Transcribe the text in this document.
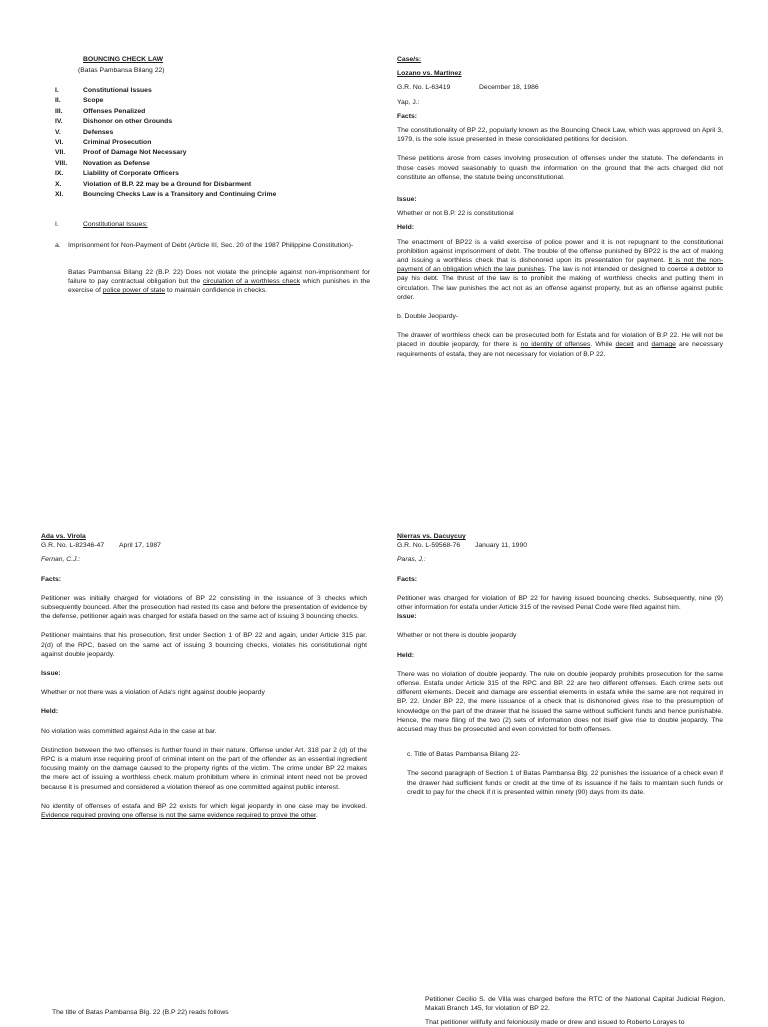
BOUNCING CHECK LAW
(Batas Pambansa Bilang 22)
I.	Constitutional Issues
II.	Scope
III.	Offenses Penalized
IV.	Dishonor on other Grounds
V.	Defenses
VI.	Criminal Prosecution
VII.	Proof of Damage Not Necessary
VIII.	Novation as Defense
IX.	Liability of Corporate Officers
X.	Violation of B.P. 22 may be a Ground for Disbarment
XI.	Bouncing Checks Law is a Transitory and Continuing Crime
I.	Constitutional Issues:
a.	Imprisonment for Non-Payment of Debt (Article III, Sec. 20 of the 1987 Philippine Constitution)-

Batas Pambansa Bilang 22 (B.P. 22) Does not violate the principle against non-imprisonment for failure to pay contractual obligation but the circulation of a worthless check which punishes in the exercise of police power of state to maintain confidence in checks.

Case/s:

Lozano vs. Martinez

G.R. No. L-63419	December 18, 1986

Yap, J.:

Facts:

The constitutionality of BP 22, popularly known as the Bouncing Check Law, which was approved on April 3, 1979, is the sole issue presented in these consolidated petitions for decision.

These petitions arose from cases involving prosecution of offenses under the statute. The defendants in those cases moved seasonably to quash the information on the ground that the acts charged did not constitute an offense, the statute being unconstitutional.

Issue:

Whether or not B.P. 22 is constitutional

Held:

The enactment of BP22 is a valid exercise of police power and it is not repugnant to the constitutional prohibition against imprisonment of debt. The trouble of the offense punished by BP22 is the act of making and issuing a worthless check that is dishonored upon its presentation for payment. It is not the non-payment of an obligation which the law punishes. The law is not intended or designed to coerce a debtor to pay his debt. The thrust of the law is to prohibit the making of worthless checks and putting them in circulation. The law punishes the act not as an offense against property, but as an offense against public order.

b. Double Jeopardy-

The drawer of worthless check can be prosecuted both for Estafa and for violation of B.P 22. He will not be placed in double jeopardy, for there is no identity of offenses. While deceit and damage are necessary requirements of estafa, they are not necessary for violation of B.P 22.

Ada vs. Virola

G.R. No. L-82346-47	April 17, 1987

Fernan, C.J.:

Facts:

Petitioner was initially charged for violations of BP 22 consisting in the issuance of 3 checks which subsequently bounced. After the prosecution had rested its case and before the presentation of evidence by the defense, petitioner again was charged for estafa based on the same act of issuing 3 bouncing checks.

Petitioner maintains that his prosecution, first under Section 1 of BP 22 and again, under Article 315 par. 2(d) of the RPC, based on the same act of issuing 3 bouncing checks, violates his constitutional right against double jeopardy.

Issue:

Whether or not there was a violation of Ada's right against double jeopardy

Held:

No violation was committed against Ada in the case at bar.

Distinction between the two offenses is further found in their nature. Offense under Art. 318 par 2 (d) of the RPC is a malum inse requiring proof of criminal intent on the part of the offender as an essential ingredient focusing mainly on the damage caused to the property rights of the victim. The crime under BP 22 makes the mere act of issuing a worthless check malum prohibitum where in criminal intent need not be proved because it is presumed and considered a violation thereof as one committed against public interest.

No identity of offenses of estafa and BP 22 exists for which legal jeopardy in one case may be invoked. Evidence required proving one offense is not the same evidence required to prove the other.

Nierras vs. Dacuycuy

G.R. No. L-59568-76	January 11, 1990

Paras, J.:

Facts:

Petitioner was charged for violation of BP 22 for having issued bouncing checks. Subsequently, nine (9) other information for estafa under Article 315 of the revised Penal Code were filed against him.

Issue:

Whether or not there is double jeopardy

Held:

There was no violation of double jeopardy. The rule on double jeopardy prohibits prosecution for the same offense. Estafa under Article 315 of the RPC and BP. 22 are two different offenses. Each crime sets out different elements. Deceit and damage are essential elements in estafa while the same are not required in BP. 22. Under BP 22, the mere issuance of a check that is dishonored gives rise to the presumption of knowledge on the part of the drawer that he issued the same without sufficient funds and hence punishable. Hence, the mere filing of the two (2) sets of information does not itself give rise to double jeopardy. The accused may thus be prosecuted and even convicted for both offenses.

c. Title of Batas Pambansa Bilang 22-

The second paragraph of Section 1 of Batas Pambansa Blg. 22 punishes the issuance of a check even if the drawer had sufficient funds or credit at the time of its issuance if he fails to maintain such funds or credit to pay for the check if it is presented within ninety (90) days from its date.

The title of Batas Pambansa Blg. 22 (B.P 22) reads follows

Petitioner Cecilio S. de Villa was charged before the RTC of the National Capital Judicial Region, Makati Branch 145, for violation of BP 22.

That petitioner willfully and feloniously made or drew and issued to Roberto Lorayes to
